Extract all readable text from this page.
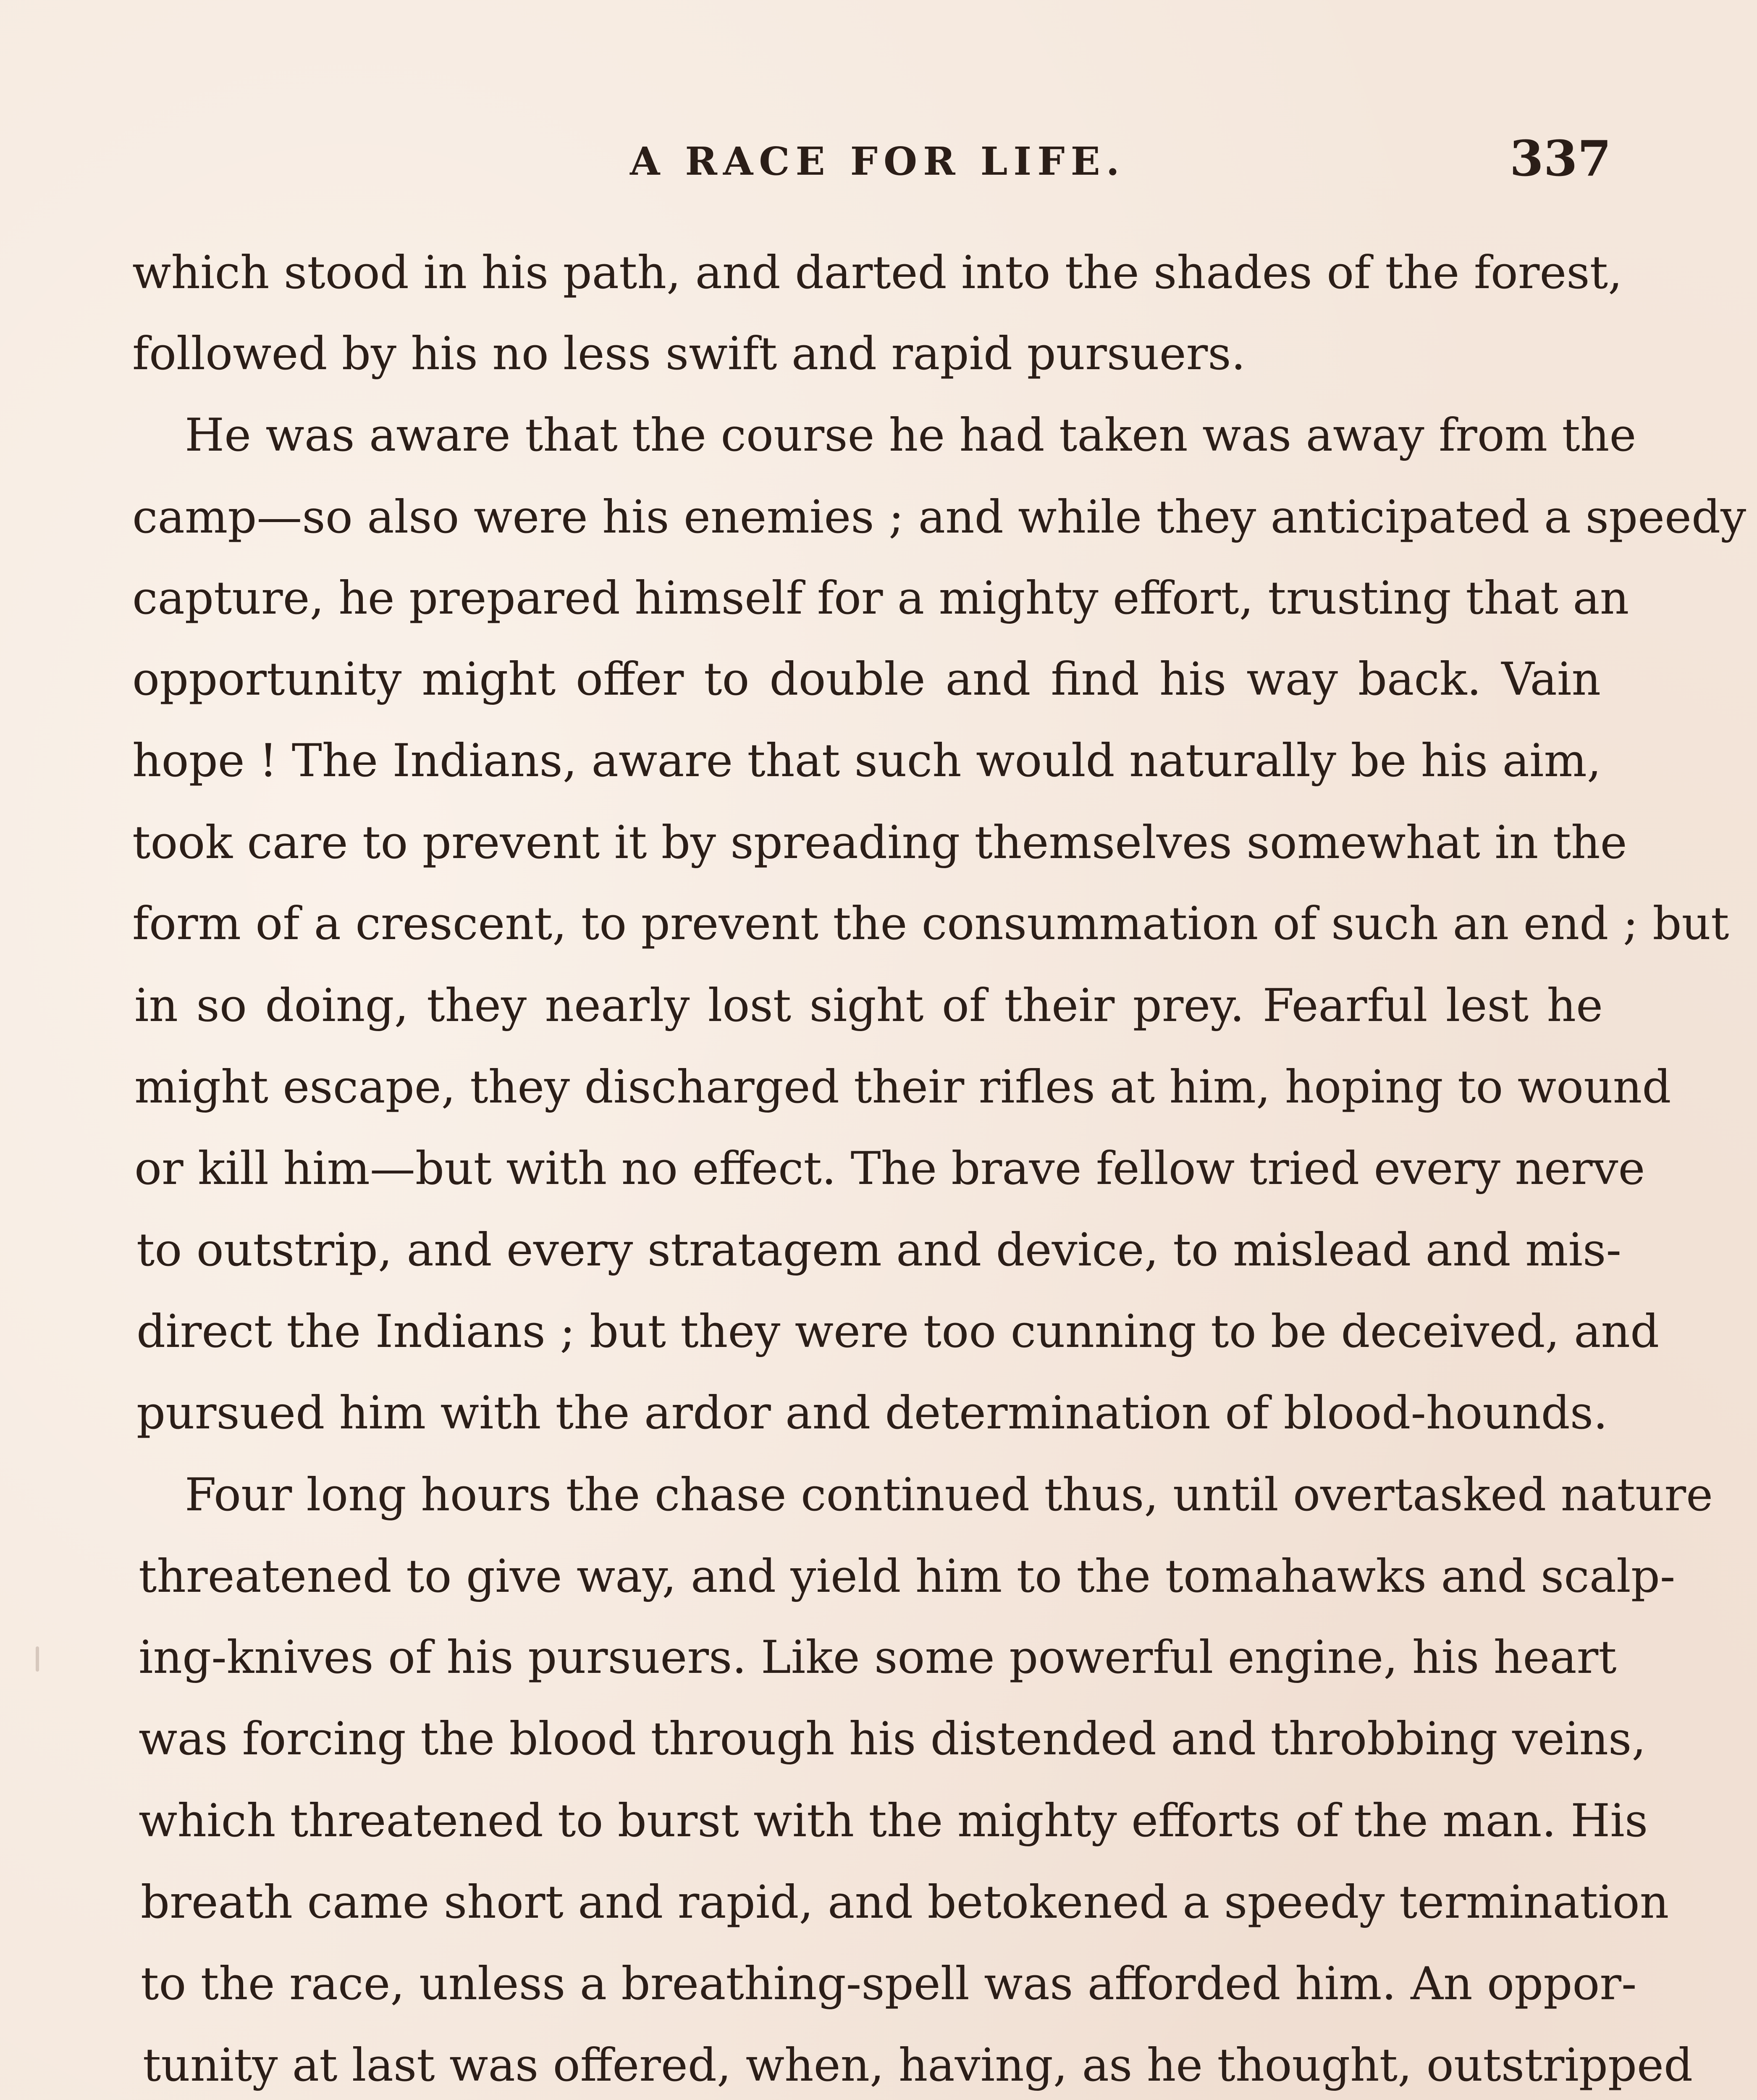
A RACE FOR LIFE.	337
which stood in his path, and darted into the shades of the forest,
followed by his no less swift and rapid pursuers.
He was aware that the course he had taken was away from the
camp—so also were his enemies ; and while they anticipated a speedy
capture, he prepared himself for a mighty effort, trusting that an
opportunity might offer to double and find his way back. Vain
hope ! The Indians, aware that such would naturally be his aim,
took care to prevent it by spreading themselves somewhat in the
form of a crescent, to prevent the consummation of such an end ; but
in so doing, they nearly lost sight of their prey. Fearful lest he
might escape, they discharged their rifles at him, hoping to wound
or kill him—but with no effect. The brave fellow tried every nerve
to outstrip, and every stratagem and device, to mislead and mis-
direct the Indians ; but they were too cunning to be deceived, and
pursued him with the ardor and determination of blood-hounds.
Four long hours the chase continued thus, until overtasked nature
threatened to give way, and yield him to the tomahawks and scalp-
ing-knives of his pursuers. Like some powerful engine, his heart
was forcing the blood through his distended and throbbing veins,
which threatened to burst with the mighty efforts of the man. His
breath came short and rapid, and betokened a speedy termination
to the race, unless a breathing-spell was afforded him. An oppor-
tunity at last was offered, when, having, as he thought, outstripped
